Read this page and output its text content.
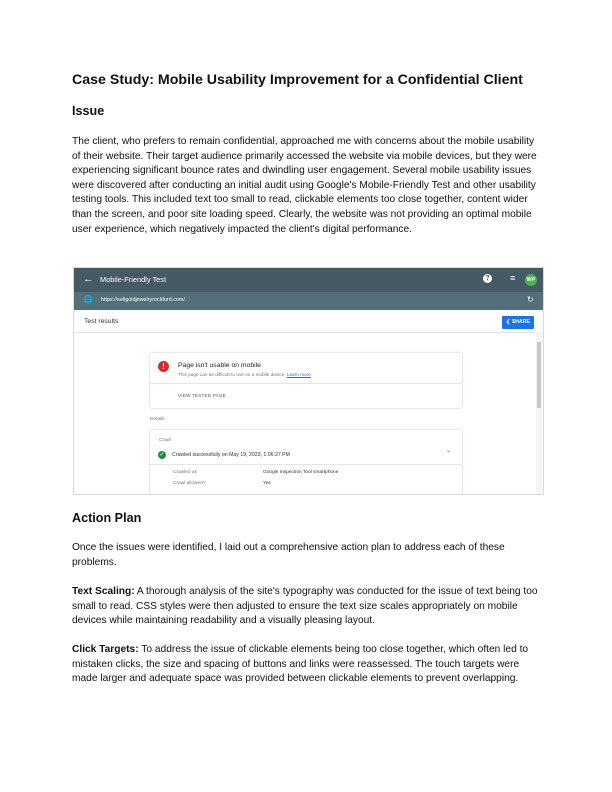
Case Study: Mobile Usability Improvement for a Confidential Client
Issue

The client, who prefers to remain confidential, approached me with concerns about the mobile usability of their website. Their target audience primarily accessed the website via mobile devices, but they were experiencing significant bounce rates and dwindling user engagement. Several mobile usability issues were discovered after conducting an initial audit using Google's Mobile-Friendly Test and other usability testing tools. This included text too small to read, clickable elements too close together, content wider than the screen, and poor site loading speed. Clearly, the website was not providing an optimal mobile user experience, which negatively impacted the client's digital performance.

Action Plan

Once the issues were identified, I laid out a comprehensive action plan to address each of these problems.

Text Scaling: A thorough analysis of the site's typography was conducted for the issue of text being too small to read. CSS styles were then adjusted to ensure the text size scales appropriately on mobile devices while maintaining readability and a visually pleasing layout.

Click Targets: To address the issue of clickable elements being too close together, which often led to mistaken clicks, the size and spacing of buttons and links were reassessed. The touch targets were made larger and adequate space was provided between clickable elements to prevent overlapping.

← Mobile-Friendly Test	? ≡	WP
🌐 https://sellgoldjewelryrockford.com/	↻
Test results	❮ SHARE
!	Page isn't usable on mobile
This page can be difficult to use on a mobile device. Learn more
VIEW TESTED PAGE
Details
Crawl
✓ Crawled successfully on May 19, 2023, 1:06:27 PM	⌃
Crawled as	Google Inspection Tool smartphone
Crawl allowed?	Yes
